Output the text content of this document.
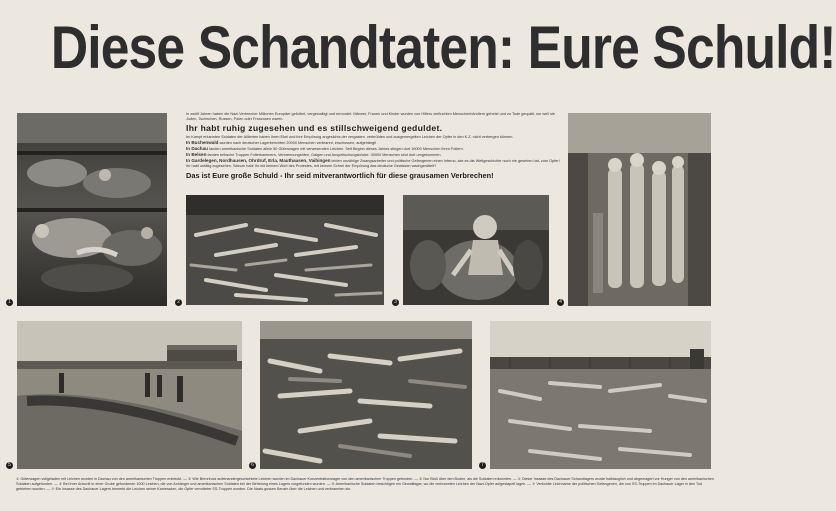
Diese Schandtaten: Eure Schuld!
1	2	3	4
5	6	7

In zwölf Jahren haben die Nazi-Verbrecher Millionen Europäer gefoltert, vergewaltigt und ermordet. Männer, Frauen und Kinder wurden von Hitlers verfluchten Menschenhändlern gehetzt und zu Tode gequält, nur weil sie Juden, Tschechen, Russen, Polen oder Franzosen waren.

Ihr habt ruhig zugesehen und es stillschweigend geduldet.

Im Kampf erkannten Soldaten der Alliierten haben Ihren Ekel und ihre Empörung angesichts der vergasten, verbrühten und ausgemergelten Leichen der Opfer in den K.Z. nicht verbergen können.

In Buchenwald wurden nach deutscher Lagerberichten 20000 Menschen verbrannt, erschossen, aufgehängt!

In Dachau fanden amerikanische Soldaten allein 50 Güterwagen mit verwesenden Leichen. Seit Beginn dieses Jahres stiegen dort 16000 Menschen ihren Foltern.

In Belsen fanden britische Truppen Folterkammern, Verbrennungsöfen, Galgen und Auspeitschungsböcke. 30000 Menschen sind dort umgekommen.

In Gardelegen, Nordhausen, Ohrdruf, Erla, Mauthausen, Vaihingen leiden unzählige Zwangsarbeiter und politische Gefangenen einen Inferno, wie es die Weltgeschichte noch nie gesehen hat, zum Opfer!

Ihr habt untätig zugesehen. Warum habt Ihr mit keinem Wort des Protestes, mit keinem Schrei der Empörung das deutsche Gewissen wachgerüttelt?

Das ist Eure große Schuld - Ihr seid mitverantwortlich für diese grausamen Verbrechen!

① Güterwagen vollgeladen mit Leichen wurden in Dachau von den amerikanischen Truppen entdeckt. — ② Wie Brennholz aufeinandergeschichtete Leichen wurden im Dachauer Konzentrationslager von den amerikanischen Truppen gefunden. — ③ Nur Bloß über den Boden, als die Soldaten erkannten. — ④ Dieser Insasse des Dachauer Schandlagers wurde halbtauglich und abgemagert vor Hunger von den amerikanischen Soldaten aufgefunden. — ⑤ Bei Ihrer Ankunft in einer Grube gefundenen 1000 Leichen, die von Anhänger und amerikanischen Soldaten bei der Befreiung eines Lagers vorgefunden wurden. — ⑥ Amerikanische Soldaten besichtigen ein Gewaltlager, wo die verbrannten Leichen der Nazi-Opfer aufgestapelt lagen. — ⑦ Verkohlte Leichname der politischen Gefangenen, die von SS-Truppen im Dachauer Lager in den Tod getrieben wurden. — ⑦ Ein Insasse des Dachauer Lagers bemerkt die Leichen seiner Kameraden, die Opfer verrotteter SS-Truppen wurden. Die Nazis gossen Benzin über die Leichen und verbrannten sie.
